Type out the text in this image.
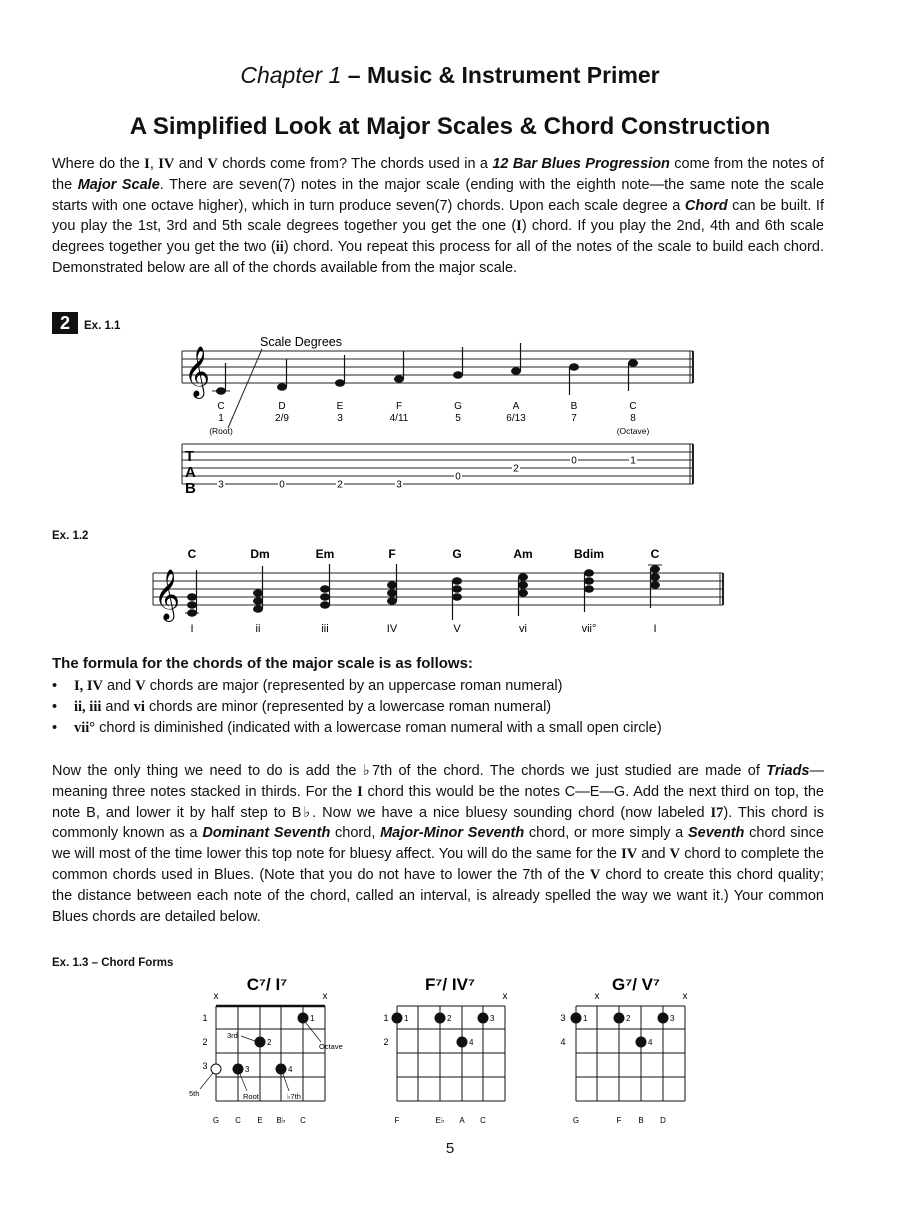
Chapter 1 – Music & Instrument Primer
A Simplified Look at Major Scales & Chord Construction
Where do the I, IV and V chords come from? The chords used in a 12 Bar Blues Progression come from the notes of the Major Scale. There are seven(7) notes in the major scale (ending with the eighth note—the same note the scale starts with one octave higher), which in turn produce seven(7) chords. Upon each scale degree a Chord can be built. If you play the 1st, 3rd and 5th scale degrees together you get the one (I) chord. If you play the 2nd, 4th and 6th scale degrees together you get the two (ii) chord. You repeat this process for all of the notes of the scale to build each chord. Demonstrated below are all of the chords available from the major scale.
2	Ex. 1.1
𝄞
Scale Degrees
C	D	E	F	G	A	B	C
1	2/9	3	4/11	5	6/13	7	8
(Root)	(Octave)
T
A
B 3	0	2	3
0
2
0	1
Ex. 1.2
C	Dm	Em	F	G	Am	Bdim	C
𝄞
I	ii	iii	IV	V	vi	vii°	I
The formula for the chords of the major scale is as follows:
• I, IV and V chords are major (represented by an uppercase roman numeral)
• ii, iii and vi chords are minor (represented by a lowercase roman numeral)
• vii° chord is diminished (indicated with a lowercase roman numeral with a small open circle)
Now the only thing we need to do is add the ♭7th of the chord. The chords we just studied are made of Triads—meaning three notes stacked in thirds. For the I chord this would be the notes C—E—G. Add the next third on top, the note B, and lower it by half step to B♭. Now we have a nice bluesy sounding chord (now labeled I7). This chord is commonly known as a Dominant Seventh chord, Major-Minor Seventh chord, or more simply a Seventh chord since we will most of the time lower this top note for bluesy affect. You will do the same for the IV and V chord to complete the common chords used in Blues. (Note that you do not have to lower the 7th of the V chord to create this chord quality; the distance between each note of the chord, called an interval, is already spelled the way we want it.) Your common Blues chords are detailed below.
Ex. 1.3 – Chord Forms
C⁷/ I⁷
x	x
1
2
3
1
2
3	4
3rd
Octave
5th	Root	♭7th
G C E B♭ C
F⁷/ IV⁷
x
1
2
1	2	3
4
F	E♭ A C
G⁷/ V⁷
x	x
3
4
1	2	3
4
G	F B D
5
